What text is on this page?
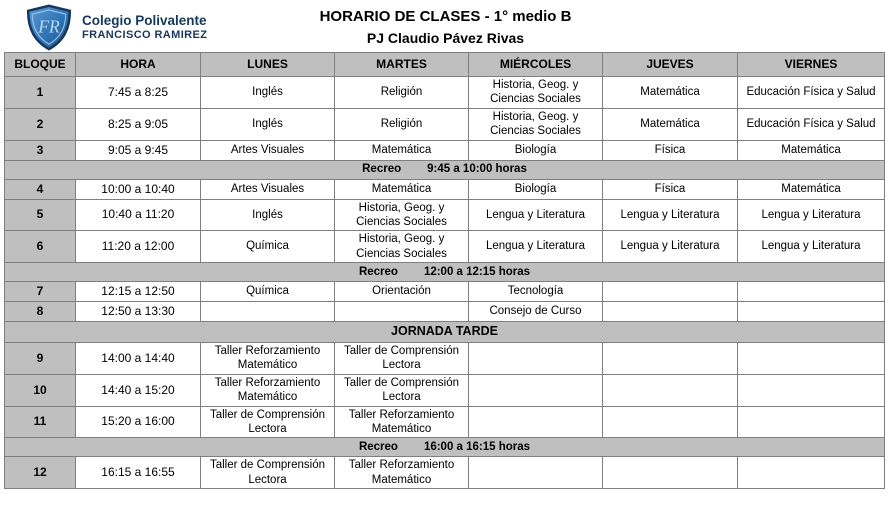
FR Colegio Polivalente
FRANCISCO RAMIREZ
HORARIO DE CLASES - 1° medio B
PJ Claudio Pávez Rivas
BLOQUE	HORA	LUNES	MARTES	MIÉRCOLES	JUEVES	VIERNES
1	7:45 a 8:25	Inglés	Religión	Historia, Geog. y Ciencias Sociales	Matemática	Educación Física y Salud
2	8:25 a 9:05	Inglés	Religión	Historia, Geog. y Ciencias Sociales	Matemática	Educación Física y Salud
3	9:05 a 9:45	Artes Visuales	Matemática	Biología	Física	Matemática

Recreo 9:45 a 10:00 horas						

4	10:00 a 10:40	Artes Visuales	Matemática	Biología	Física	Matemática
5	10:40 a 11:20	Inglés	Historia, Geog. y Ciencias Sociales	Lengua y Literatura	Lengua y Literatura	Lengua y Literatura
6	11:20 a 12:00	Química	Historia, Geog. y Ciencias Sociales	Lengua y Literatura	Lengua y Literatura	Lengua y Literatura

Recreo 12:00 a 12:15 horas						

7	12:15 a 12:50	Química	Orientación	Tecnología		
8	12:50 a 13:30			Consejo de Curso		
JORNADA TARDE						
9	14:00 a 14:40	Taller Reforzamiento Matemático	Taller de Comprensión Lectora			
10	14:40 a 15:20	Taller Reforzamiento Matemático	Taller de Comprensión Lectora			
11	15:20 a 16:00	Taller de Comprensión Lectora	Taller Reforzamiento Matemático			

Recreo 16:00 a 16:15 horas						

12	16:15 a 16:55	Taller de Comprensión Lectora	Taller Reforzamiento Matemático			
